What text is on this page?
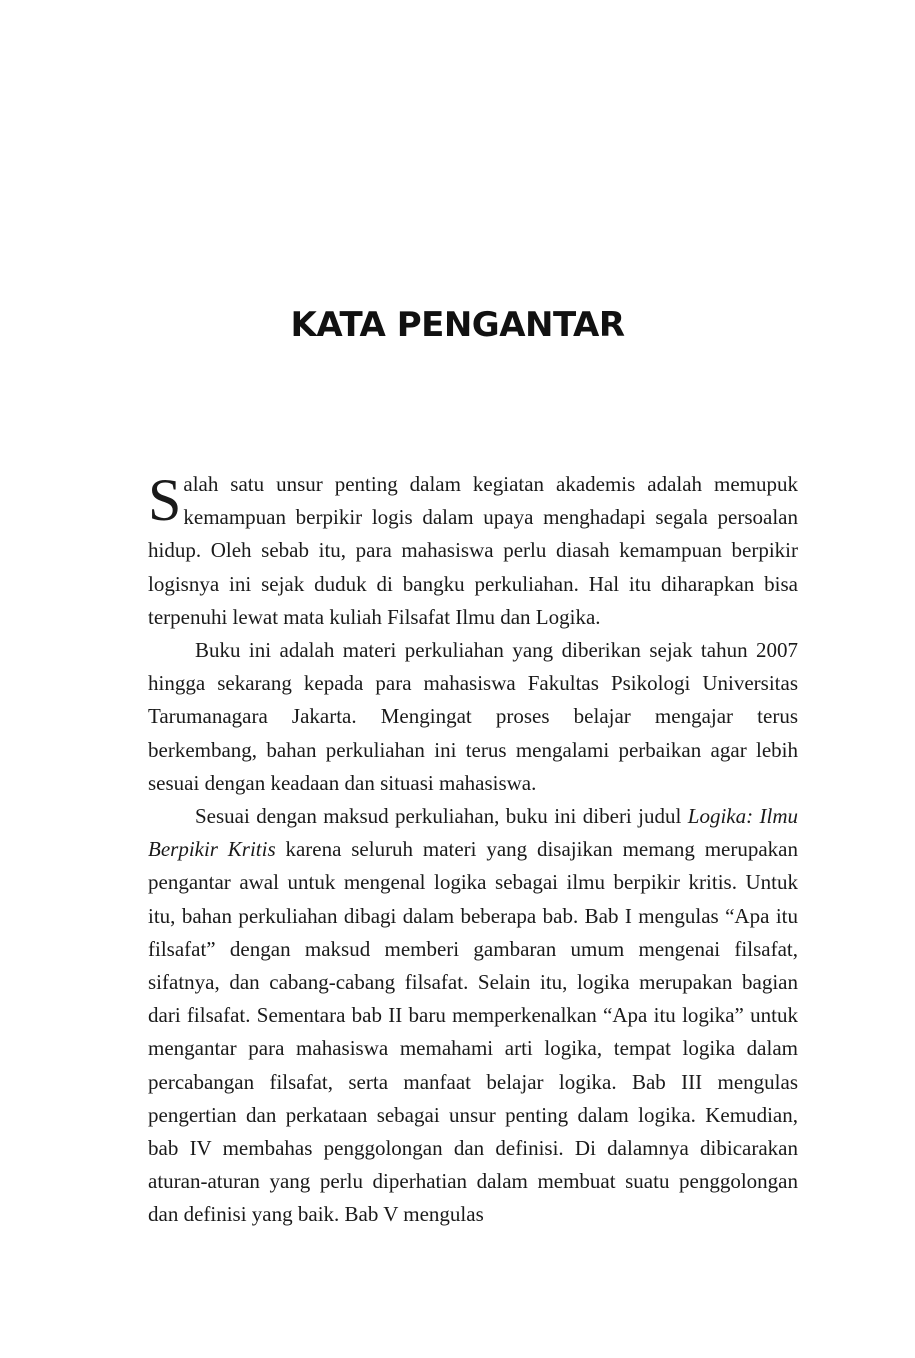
KATA PENGANTAR

Salah satu unsur penting dalam kegiatan akademis adalah memupuk kemampuan berpikir logis dalam upaya menghadapi segala persoalan hidup. Oleh sebab itu, para mahasiswa perlu diasah kemampuan berpikir logisnya ini sejak duduk di bangku perkuliahan. Hal itu diharapkan bisa terpenuhi lewat mata kuliah Filsafat Ilmu dan Logika.

Buku ini adalah materi perkuliahan yang diberikan sejak tahun 2007 hingga sekarang kepada para mahasiswa Fakultas Psikologi Universitas Tarumanagara Jakarta. Mengingat proses belajar mengajar terus berkembang, bahan perkuliahan ini terus mengalami perbaikan agar lebih sesuai dengan keadaan dan situasi mahasiswa.

Sesuai dengan maksud perkuliahan, buku ini diberi judul Logika: Ilmu Berpikir Kritis karena seluruh materi yang disajikan memang merupakan pengantar awal untuk mengenal logika sebagai ilmu berpikir kritis. Untuk itu, bahan perkuliahan dibagi dalam beberapa bab. Bab I mengulas “Apa itu filsafat” dengan maksud memberi gambaran umum mengenai filsafat, sifatnya, dan cabang-cabang filsafat. Selain itu, logika merupakan bagian dari filsafat. Sementara bab II baru memperkenalkan “Apa itu logika” untuk mengantar para mahasiswa memahami arti logika, tempat logika dalam percabangan filsafat, serta manfaat belajar logika. Bab III mengulas pengertian dan perkataan sebagai unsur penting dalam logika. Kemudian, bab IV membahas penggolongan dan definisi. Di dalamnya dibicarakan aturan-aturan yang perlu diperhatian dalam membuat suatu penggolongan dan definisi yang baik. Bab V mengulas
